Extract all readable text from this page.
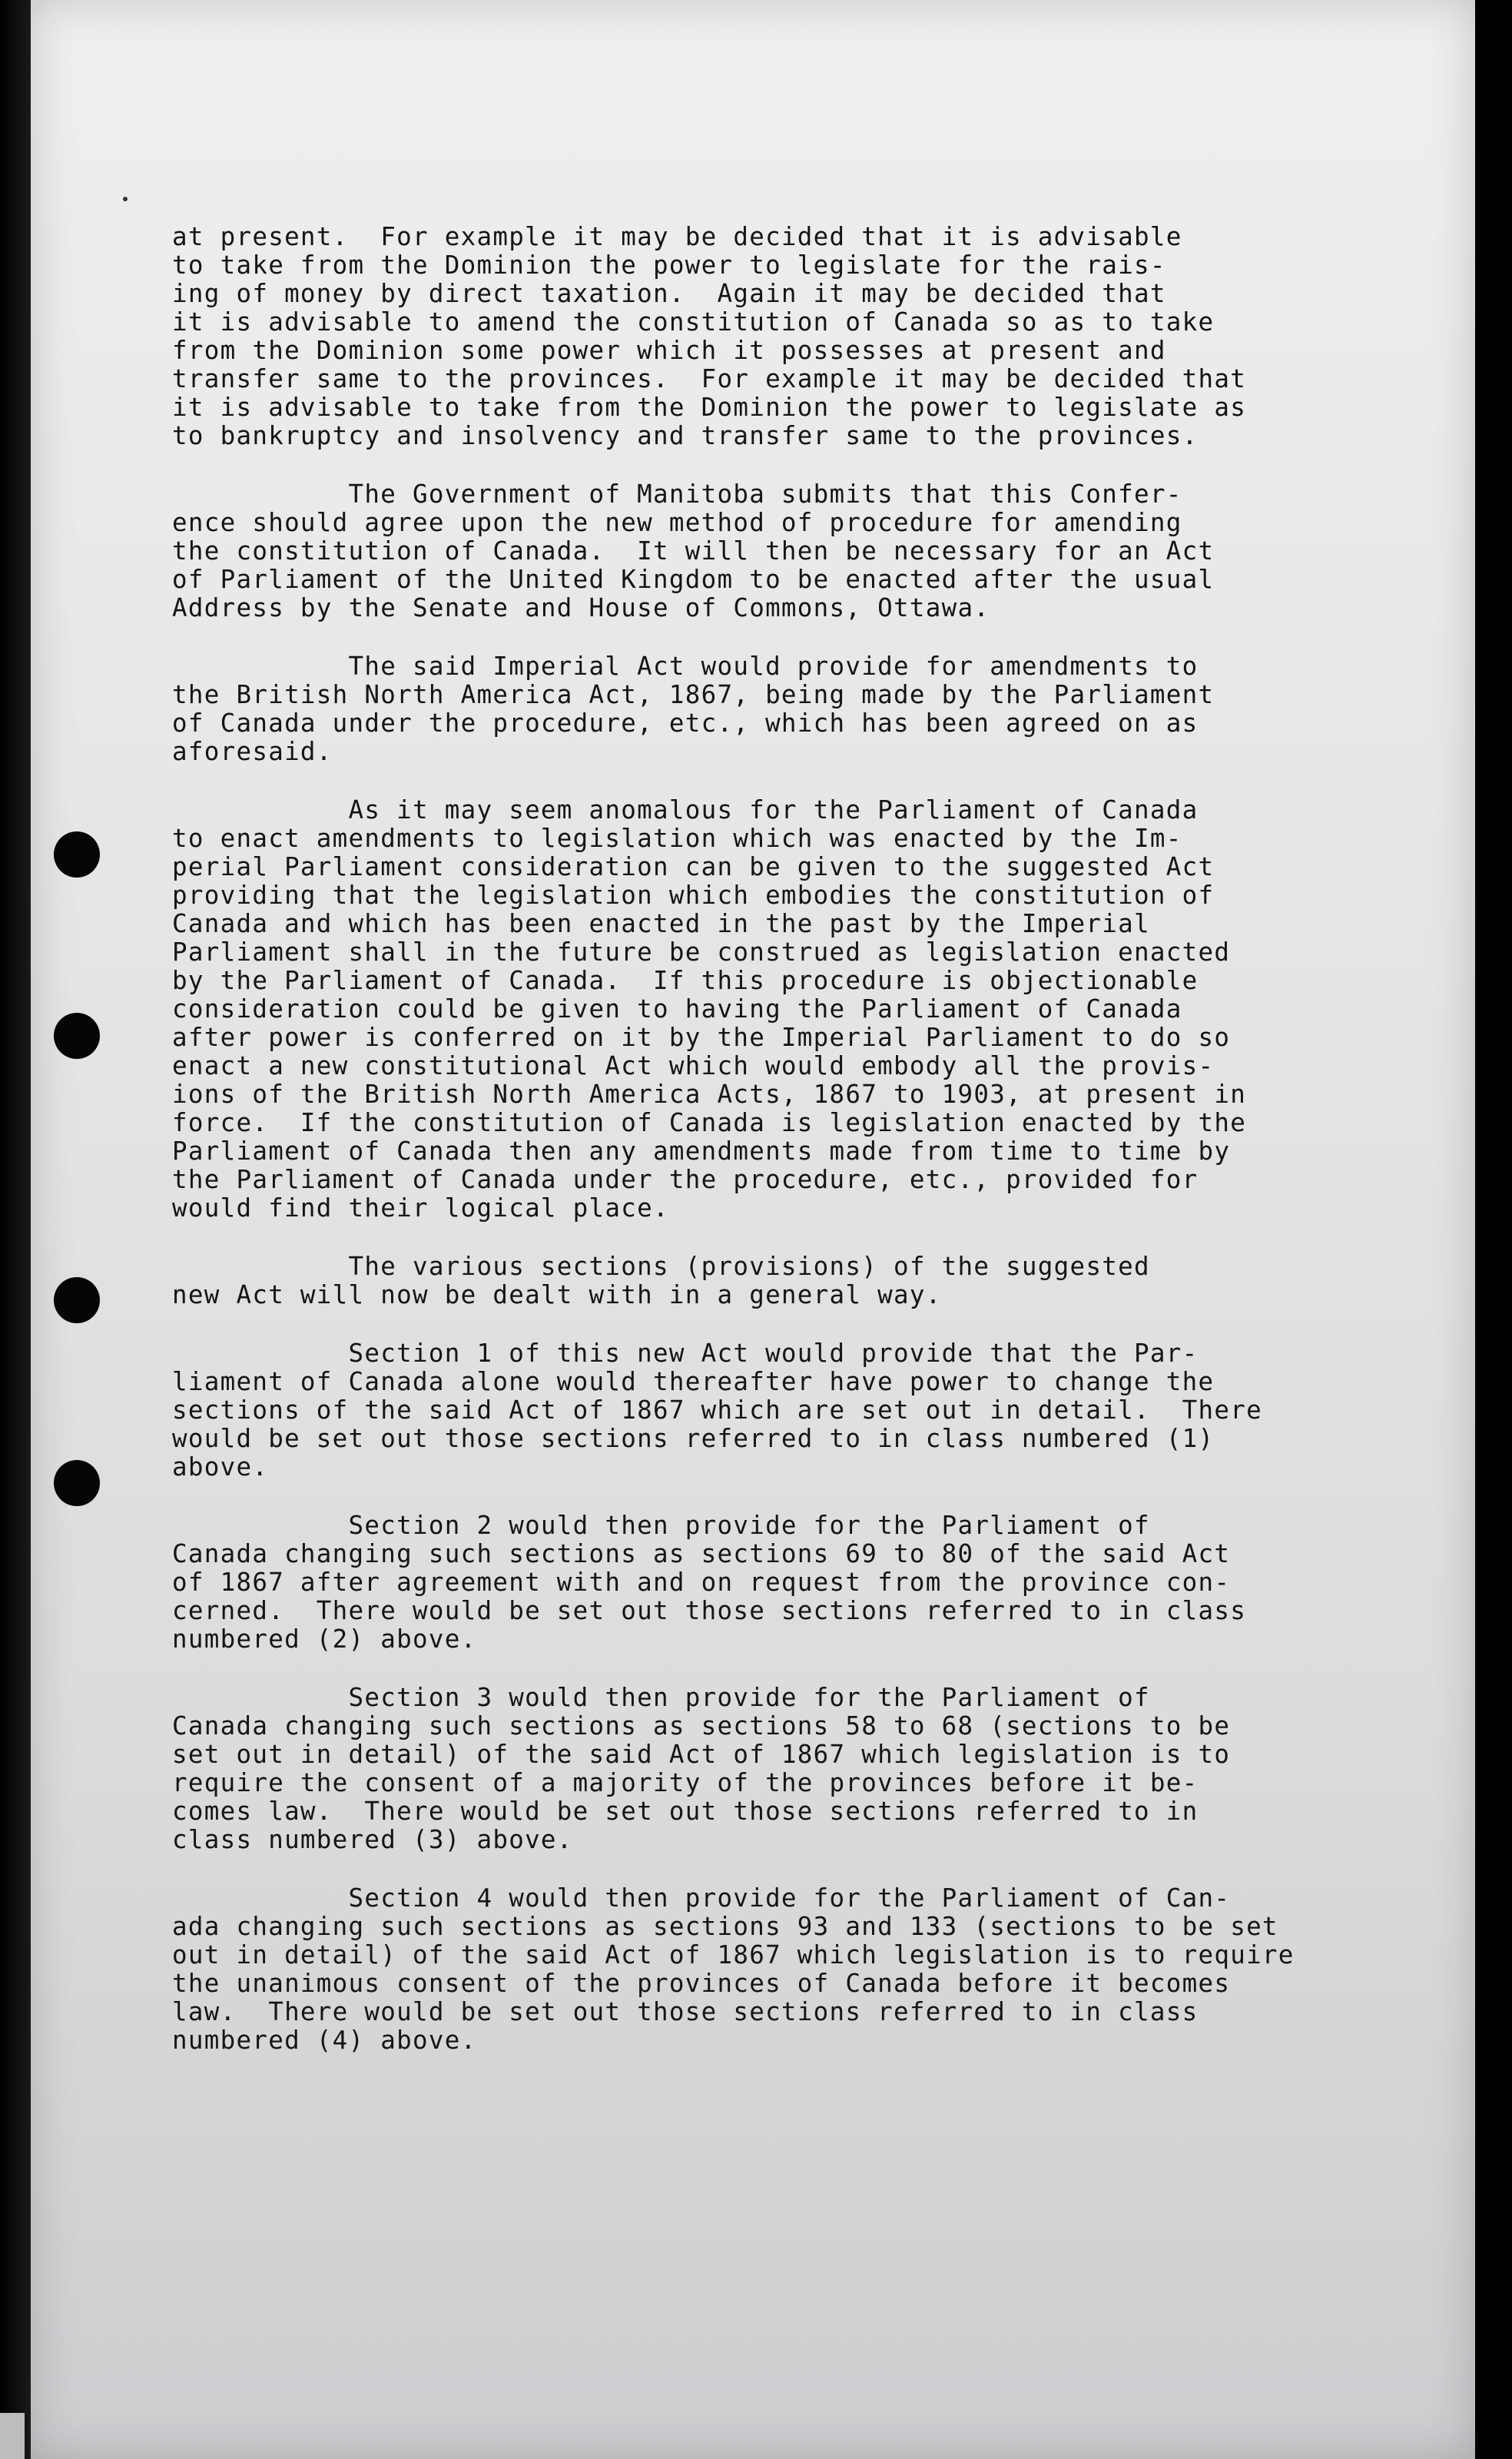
at present.  For example it may be decided that it is advisable
to take from the Dominion the power to legislate for the rais-
ing of money by direct taxation.  Again it may be decided that
it is advisable to amend the constitution of Canada so as to take
from the Dominion some power which it possesses at present and
transfer same to the provinces.  For example it may be decided that
it is advisable to take from the Dominion the power to legislate as
to bankruptcy and insolvency and transfer same to the provinces.
The Government of Manitoba submits that this Confer-
ence should agree upon the new method of procedure for amending
the constitution of Canada.  It will then be necessary for an Act
of Parliament of the United Kingdom to be enacted after the usual
Address by the Senate and House of Commons, Ottawa.
The said Imperial Act would provide for amendments to
the British North America Act, 1867, being made by the Parliament
of Canada under the procedure, etc., which has been agreed on as
aforesaid.
As it may seem anomalous for the Parliament of Canada
to enact amendments to legislation which was enacted by the Im-
perial Parliament consideration can be given to the suggested Act
providing that the legislation which embodies the constitution of
Canada and which has been enacted in the past by the Imperial
Parliament shall in the future be construed as legislation enacted
by the Parliament of Canada.  If this procedure is objectionable
consideration could be given to having the Parliament of Canada
after power is conferred on it by the Imperial Parliament to do so
enact a new constitutional Act which would embody all the provis-
ions of the British North America Acts, 1867 to 1903, at present in
force.  If the constitution of Canada is legislation enacted by the
Parliament of Canada then any amendments made from time to time by
the Parliament of Canada under the procedure, etc., provided for
would find their logical place.
The various sections (provisions) of the suggested
new Act will now be dealt with in a general way.
Section 1 of this new Act would provide that the Par-
liament of Canada alone would thereafter have power to change the
sections of the said Act of 1867 which are set out in detail.  There
would be set out those sections referred to in class numbered (1)
above.
Section 2 would then provide for the Parliament of
Canada changing such sections as sections 69 to 80 of the said Act
of 1867 after agreement with and on request from the province con-
cerned.  There would be set out those sections referred to in class
numbered (2) above.
Section 3 would then provide for the Parliament of
Canada changing such sections as sections 58 to 68 (sections to be
set out in detail) of the said Act of 1867 which legislation is to
require the consent of a majority of the provinces before it be-
comes law.  There would be set out those sections referred to in
class numbered (3) above.
Section 4 would then provide for the Parliament of Can-
ada changing such sections as sections 93 and 133 (sections to be set
out in detail) of the said Act of 1867 which legislation is to require
the unanimous consent of the provinces of Canada before it becomes
law.  There would be set out those sections referred to in class
numbered (4) above.
